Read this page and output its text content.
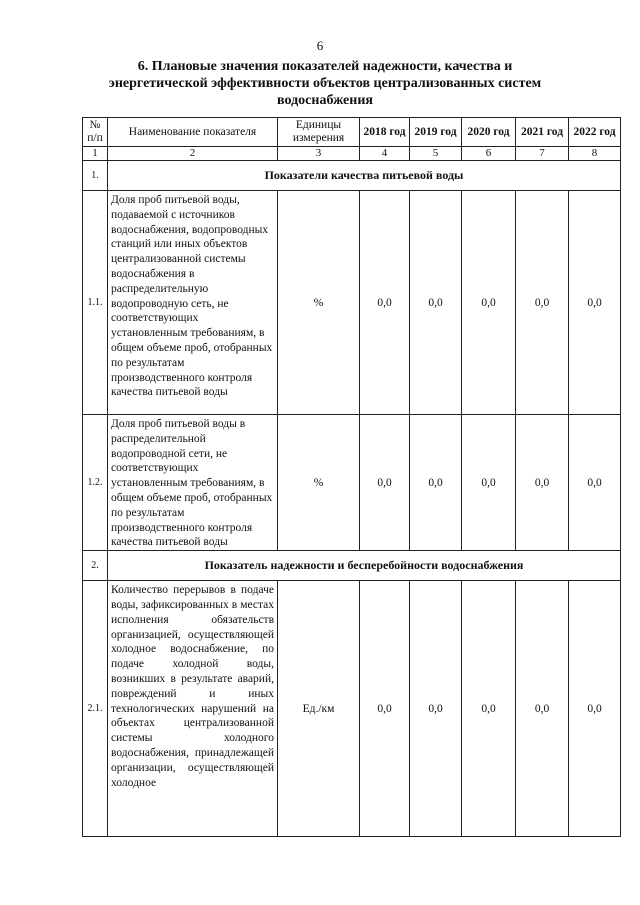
6
6. Плановые значения показателей надежности, качества и энергетической эффективности объектов централизованных систем водоснабжения
№ п/п	Наименование показателя	Единицы измерения	2018 год	2019 год	2020 год	2021 год	2022 год
1	2	3	4	5	6	7	8
1.	Показатели качества питьевой воды						
1.1.	Доля проб питьевой воды, подаваемой с источников водоснабжения, водопроводных станций или иных объектов централизованной системы водоснабжения в распределительную водопроводную сеть, не соответствующих установленным требованиям, в общем объеме проб, отобранных по результатам производственного контроля качества питьевой воды	%	0,0	0,0	0,0	0,0	0,0
1.2.	Доля проб питьевой воды в распределительной водопроводной сети, не соответствующих установленным требованиям, в общем объеме проб, отобранных по результатам производственного контроля качества питьевой воды	%	0,0	0,0	0,0	0,0	0,0
2.	Показатель надежности и бесперебойности водоснабжения						
2.1.	Количество перерывов в подаче воды, зафиксированных в местах исполнения обязательств организацией, осуществляющей холодное водоснабжение, по подаче холодной воды, возникших в результате аварий, повреждений и иных технологических нарушений на объектах централизованной системы холодного водоснабжения, принадлежащей организации, осуществляющей холодное	Ед./км	0,0	0,0	0,0	0,0	0,0
